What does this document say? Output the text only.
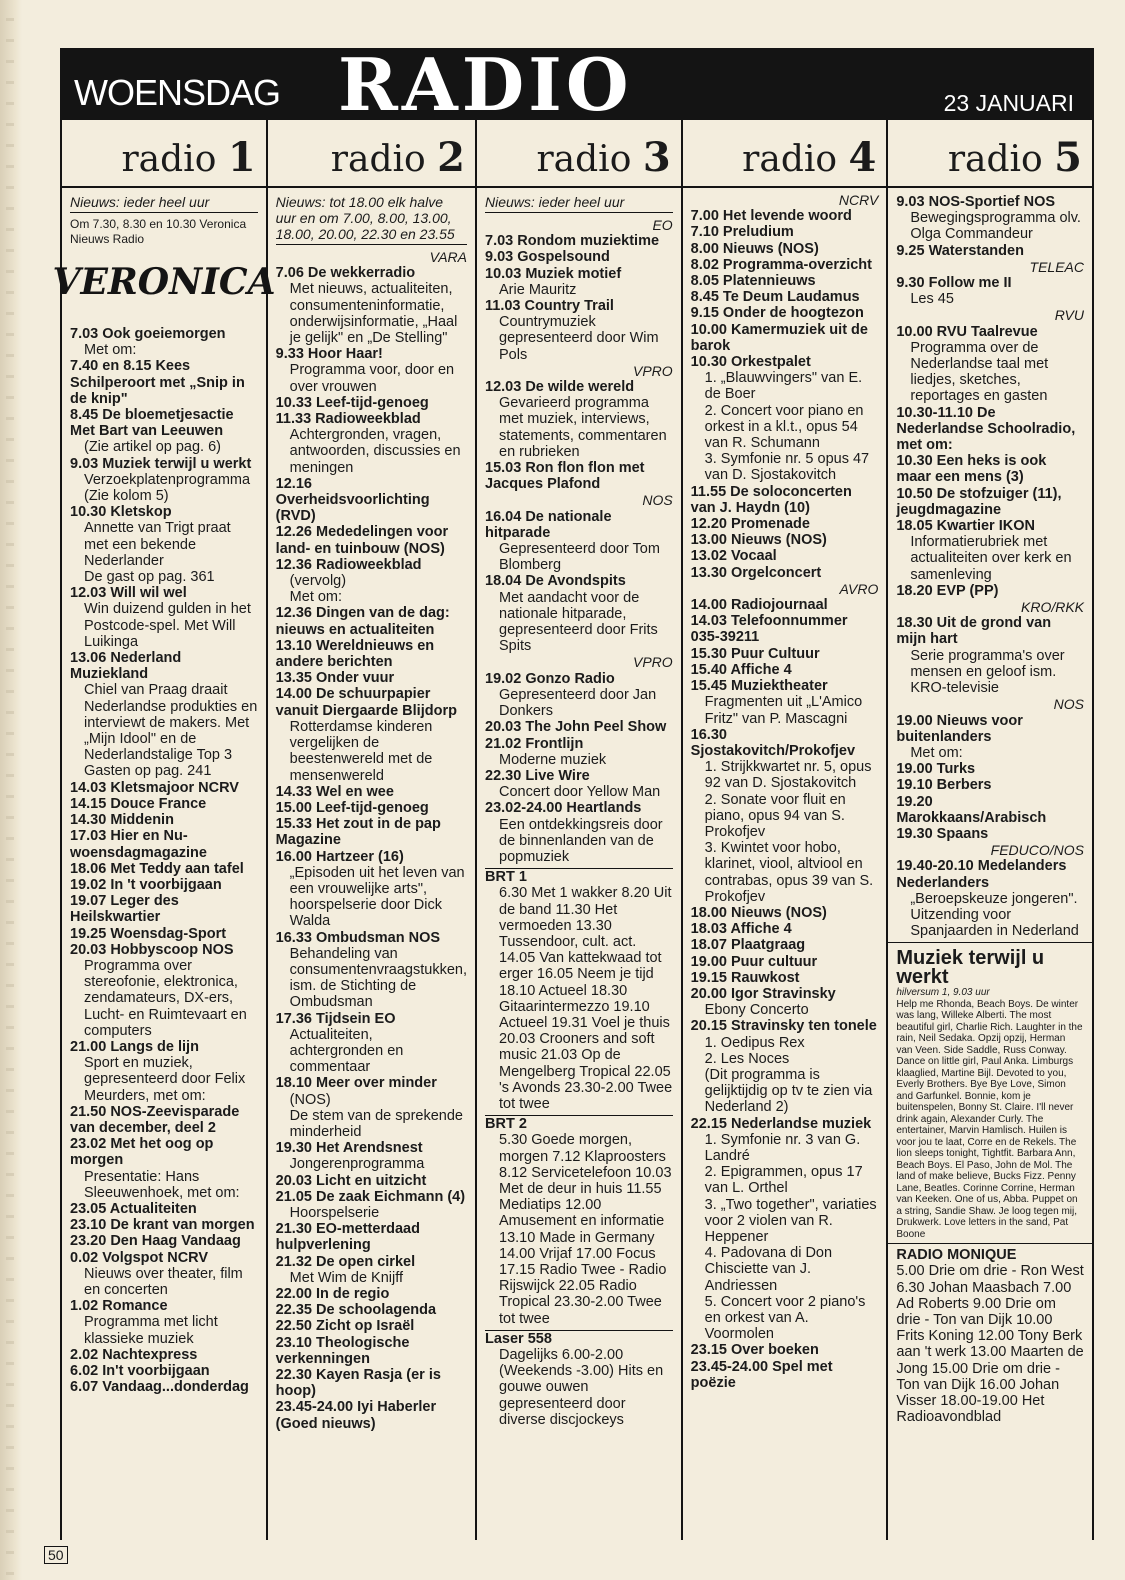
WOENSDAG RADIO	23 JANUARI
radio 1
Nieuws: ieder heel uur
Om 7.30, 8.30 en 10.30 Veronica Nieuws Radio
VERONICA
7.03 Ook goeiemorgen
Met om:
7.40 en 8.15 Kees Schilperoort met „Snip in de knip"
8.45 De bloemetjesactie Met Bart van Leeuwen
(Zie artikel op pag. 6)
9.03 Muziek terwijl u werkt
Verzoekplatenprogramma
(Zie kolom 5)
10.30 Kletskop
Annette van Trigt praat met een bekende Nederlander
De gast op pag. 361
12.03 Will wil wel
Win duizend gulden in het Postcode-spel. Met Will Luikinga
13.06 Nederland Muziekland
Chiel van Praag draait Nederlandse produkties en interviewt de makers. Met „Mijn Idool" en de Nederlandstalige Top 3
Gasten op pag. 241
14.03 Kletsmajoor NCRV
14.15 Douce France
14.30 Middenin
17.03 Hier en Nu-woensdagmagazine
18.06 Met Teddy aan tafel
19.02 In 't voorbijgaan
19.07 Leger des Heilskwartier
19.25 Woensdag-Sport
20.03 Hobbyscoop NOS
Programma over stereofonie, elektronica, zendamateurs, DX-ers, Lucht- en Ruimtevaart en computers
21.00 Langs de lijn
Sport en muziek, gepresenteerd door Felix Meurders, met om:
21.50 NOS-Zeevisparade van december, deel 2
23.02 Met het oog op morgen
Presentatie: Hans Sleeuwenhoek, met om:
23.05 Actualiteiten
23.10 De krant van morgen
23.20 Den Haag Vandaag
0.02 Volgspot NCRV
Nieuws over theater, film en concerten
1.02 Romance
Programma met licht klassieke muziek
2.02 Nachtexpress
6.02 In't voorbijgaan
6.07 Vandaag...donderdag
radio 2
Nieuws: tot 18.00 elk halve uur en om 7.00, 8.00, 13.00, 18.00, 20.00, 22.30 en 23.55
VARA
7.06 De wekkerradio
Met nieuws, actualiteiten, consumenteninformatie, onderwijsinformatie, „Haal je gelijk" en „De Stelling"
9.33 Hoor Haar!
Programma voor, door en over vrouwen
10.33 Leef-tijd-genoeg
11.33 Radioweekblad
Achtergronden, vragen, antwoorden, discussies en meningen
12.16 Overheidsvoorlichting (RVD)
12.26 Mededelingen voor land- en tuinbouw (NOS)
12.36 Radioweekblad
(vervolg)
Met om:
12.36 Dingen van de dag: nieuws en actualiteiten
13.10 Wereldnieuws en andere berichten
13.35 Onder vuur
14.00 De schuurpapier vanuit Diergaarde Blijdorp
Rotterdamse kinderen vergelijken de beestenwereld met de mensenwereld
14.33 Wel en wee
15.00 Leef-tijd-genoeg
15.33 Het zout in de pap Magazine
16.00 Hartzeer (16)
„Episoden uit het leven van een vrouwelijke arts", hoorspelserie door Dick Walda
16.33 Ombudsman NOS
Behandeling van consumentenvraagstukken, ism. de Stichting de Ombudsman
17.36 Tijdsein EO
Actualiteiten, achtergronden en commentaar
18.10 Meer over minder
(NOS)
De stem van de sprekende minderheid
19.30 Het Arendsnest
Jongerenprogramma
20.03 Licht en uitzicht
21.05 De zaak Eichmann (4)
Hoorspelserie
21.30 EO-metterdaad hulpverlening
21.32 De open cirkel
Met Wim de Knijff
22.00 In de regio
22.35 De schoolagenda
22.50 Zicht op Israël
23.10 Theologische verkenningen
22.30 Kayen Rasja (er is hoop)
23.45-24.00 Iyi Haberler (Goed nieuws)
radio 3
Nieuws: ieder heel uur
EO
7.03 Rondom muziektime
9.03 Gospelsound
10.03 Muziek motief
Arie Mauritz
11.03 Country Trail
Countrymuziek gepresenteerd door Wim Pols
VPRO
12.03 De wilde wereld
Gevarieerd programma met muziek, interviews, statements, commentaren en rubrieken
15.03 Ron flon flon met Jacques Plafond
NOS
16.04 De nationale hitparade
Gepresenteerd door Tom Blomberg
18.04 De Avondspits
Met aandacht voor de nationale hitparade, gepresenteerd door Frits Spits
VPRO
19.02 Gonzo Radio
Gepresenteerd door Jan Donkers
20.03 The John Peel Show
21.02 Frontlijn
Moderne muziek
22.30 Live Wire
Concert door Yellow Man
23.02-24.00 Heartlands
Een ontdekkingsreis door de binnenlanden van de popmuziek
BRT 1
6.30 Met 1 wakker 8.20 Uit de band 11.30 Het vermoeden 13.30 Tussendoor, cult. act. 14.05 Van kattekwaad tot erger 16.05 Neem je tijd 18.10 Actueel 18.30 Gitaarintermezzo 19.10 Actueel 19.31 Voel je thuis 20.03 Crooners and soft music 21.03 Op de Mengelberg Tropical 22.05 's Avonds 23.30-2.00 Twee tot twee
BRT 2
5.30 Goede morgen, morgen 7.12 Klaproosters 8.12 Servicetelefoon 10.03 Met de deur in huis 11.55 Mediatips 12.00 Amusement en informatie 13.10 Made in Germany 14.00 Vrijaf 17.00 Focus 17.15 Radio Twee - Radio Rijswijck 22.05 Radio Tropical 23.30-2.00 Twee tot twee
Laser 558
Dagelijks 6.00-2.00 (Weekends -3.00) Hits en gouwe ouwen gepresenteerd door diverse discjockeys
radio 4
NCRV
7.00 Het levende woord
7.10 Preludium
8.00 Nieuws (NOS)
8.02 Programma-overzicht
8.05 Platennieuws
8.45 Te Deum Laudamus
9.15 Onder de hoogtezon
10.00 Kamermuziek uit de barok
10.30 Orkestpalet
1. „Blauwvingers" van E. de Boer
2. Concert voor piano en orkest in a kl.t., opus 54 van R. Schumann
3. Symfonie nr. 5 opus 47 van D. Sjostakovitch
11.55 De soloconcerten van J. Haydn (10)
12.20 Promenade
13.00 Nieuws (NOS)
13.02 Vocaal
13.30 Orgelconcert
AVRO
14.00 Radiojournaal
14.03 Telefoonnummer 035-39211
15.30 Puur Cultuur
15.40 Affiche 4
15.45 Muziektheater
Fragmenten uit „L'Amico Fritz" van P. Mascagni
16.30 Sjostakovitch/Prokofjev
1. Strijkkwartet nr. 5, opus 92 van D. Sjostakovitch
2. Sonate voor fluit en piano, opus 94 van S. Prokofjev
3. Kwintet voor hobo, klarinet, viool, altviool en contrabas, opus 39 van S. Prokofjev
18.00 Nieuws (NOS)
18.03 Affiche 4
18.07 Plaatgraag
19.00 Puur cultuur
19.15 Rauwkost
20.00 Igor Stravinsky
Ebony Concerto
20.15 Stravinsky ten tonele
1. Oedipus Rex
2. Les Noces
(Dit programma is gelijktijdig op tv te zien via Nederland 2)
22.15 Nederlandse muziek
1. Symfonie nr. 3 van G. Landré
2. Epigrammen, opus 17 van L. Orthel
3. „Two together", variaties voor 2 violen van R. Heppener
4. Padovana di Don Chisciette van J. Andriessen
5. Concert voor 2 piano's en orkest van A. Voormolen
23.15 Over boeken
23.45-24.00 Spel met poëzie
radio 5
9.03 NOS-Sportief NOS
Bewegingsprogramma olv. Olga Commandeur
9.25 Waterstanden
TELEAC
9.30 Follow me II
Les 45
RVU
10.00 RVU Taalrevue
Programma over de Nederlandse taal met liedjes, sketches, reportages en gasten
10.30-11.10 De Nederlandse Schoolradio, met om:
10.30 Een heks is ook maar een mens (3)
10.50 De stofzuiger (11), jeugdmagazine
18.05 Kwartier IKON
Informatierubriek met actualiteiten over kerk en samenleving
18.20 EVP (PP)
KRO/RKK
18.30 Uit de grond van mijn hart
Serie programma's over mensen en geloof ism. KRO-televisie
NOS
19.00 Nieuws voor buitenlanders
Met om:
19.00 Turks
19.10 Berbers
19.20 Marokkaans/Arabisch
19.30 Spaans
FEDUCO/NOS
19.40-20.10 Medelanders Nederlanders
„Beroepskeuze jongeren". Uitzending voor Spanjaarden in Nederland
Muziek terwijl u werkt
hilversum 1, 9.03 uur
Help me Rhonda, Beach Boys. De winter was lang, Willeke Alberti. The most beautiful girl, Charlie Rich. Laughter in the rain, Neil Sedaka. Opzij opzij, Herman van Veen. Side Saddle, Russ Conway. Dance on little girl, Paul Anka. Limburgs klaaglied, Martine Bijl. Devoted to you, Everly Brothers. Bye Bye Love, Simon and Garfunkel. Bonnie, kom je buitenspelen, Bonny St. Claire. I'll never drink again, Alexander Curly. The entertainer, Marvin Hamlisch. Huilen is voor jou te laat, Corre en de Rekels. The lion sleeps tonight, Tightfit. Barbara Ann, Beach Boys. El Paso, John de Mol. The land of make believe, Bucks Fizz. Penny Lane, Beatles. Corinne Corrine, Herman van Keeken. One of us, Abba. Puppet on a string, Sandie Shaw. Je loog tegen mij, Drukwerk. Love letters in the sand, Pat Boone
RADIO MONIQUE
5.00 Drie om drie - Ron West 6.30 Johan Maasbach 7.00 Ad Roberts 9.00 Drie om drie - Ton van Dijk 10.00 Frits Koning 12.00 Tony Berk aan 't werk 13.00 Maarten de Jong 15.00 Drie om drie - Ton van Dijk 16.00 Johan Visser 18.00-19.00 Het Radioavondblad
50
